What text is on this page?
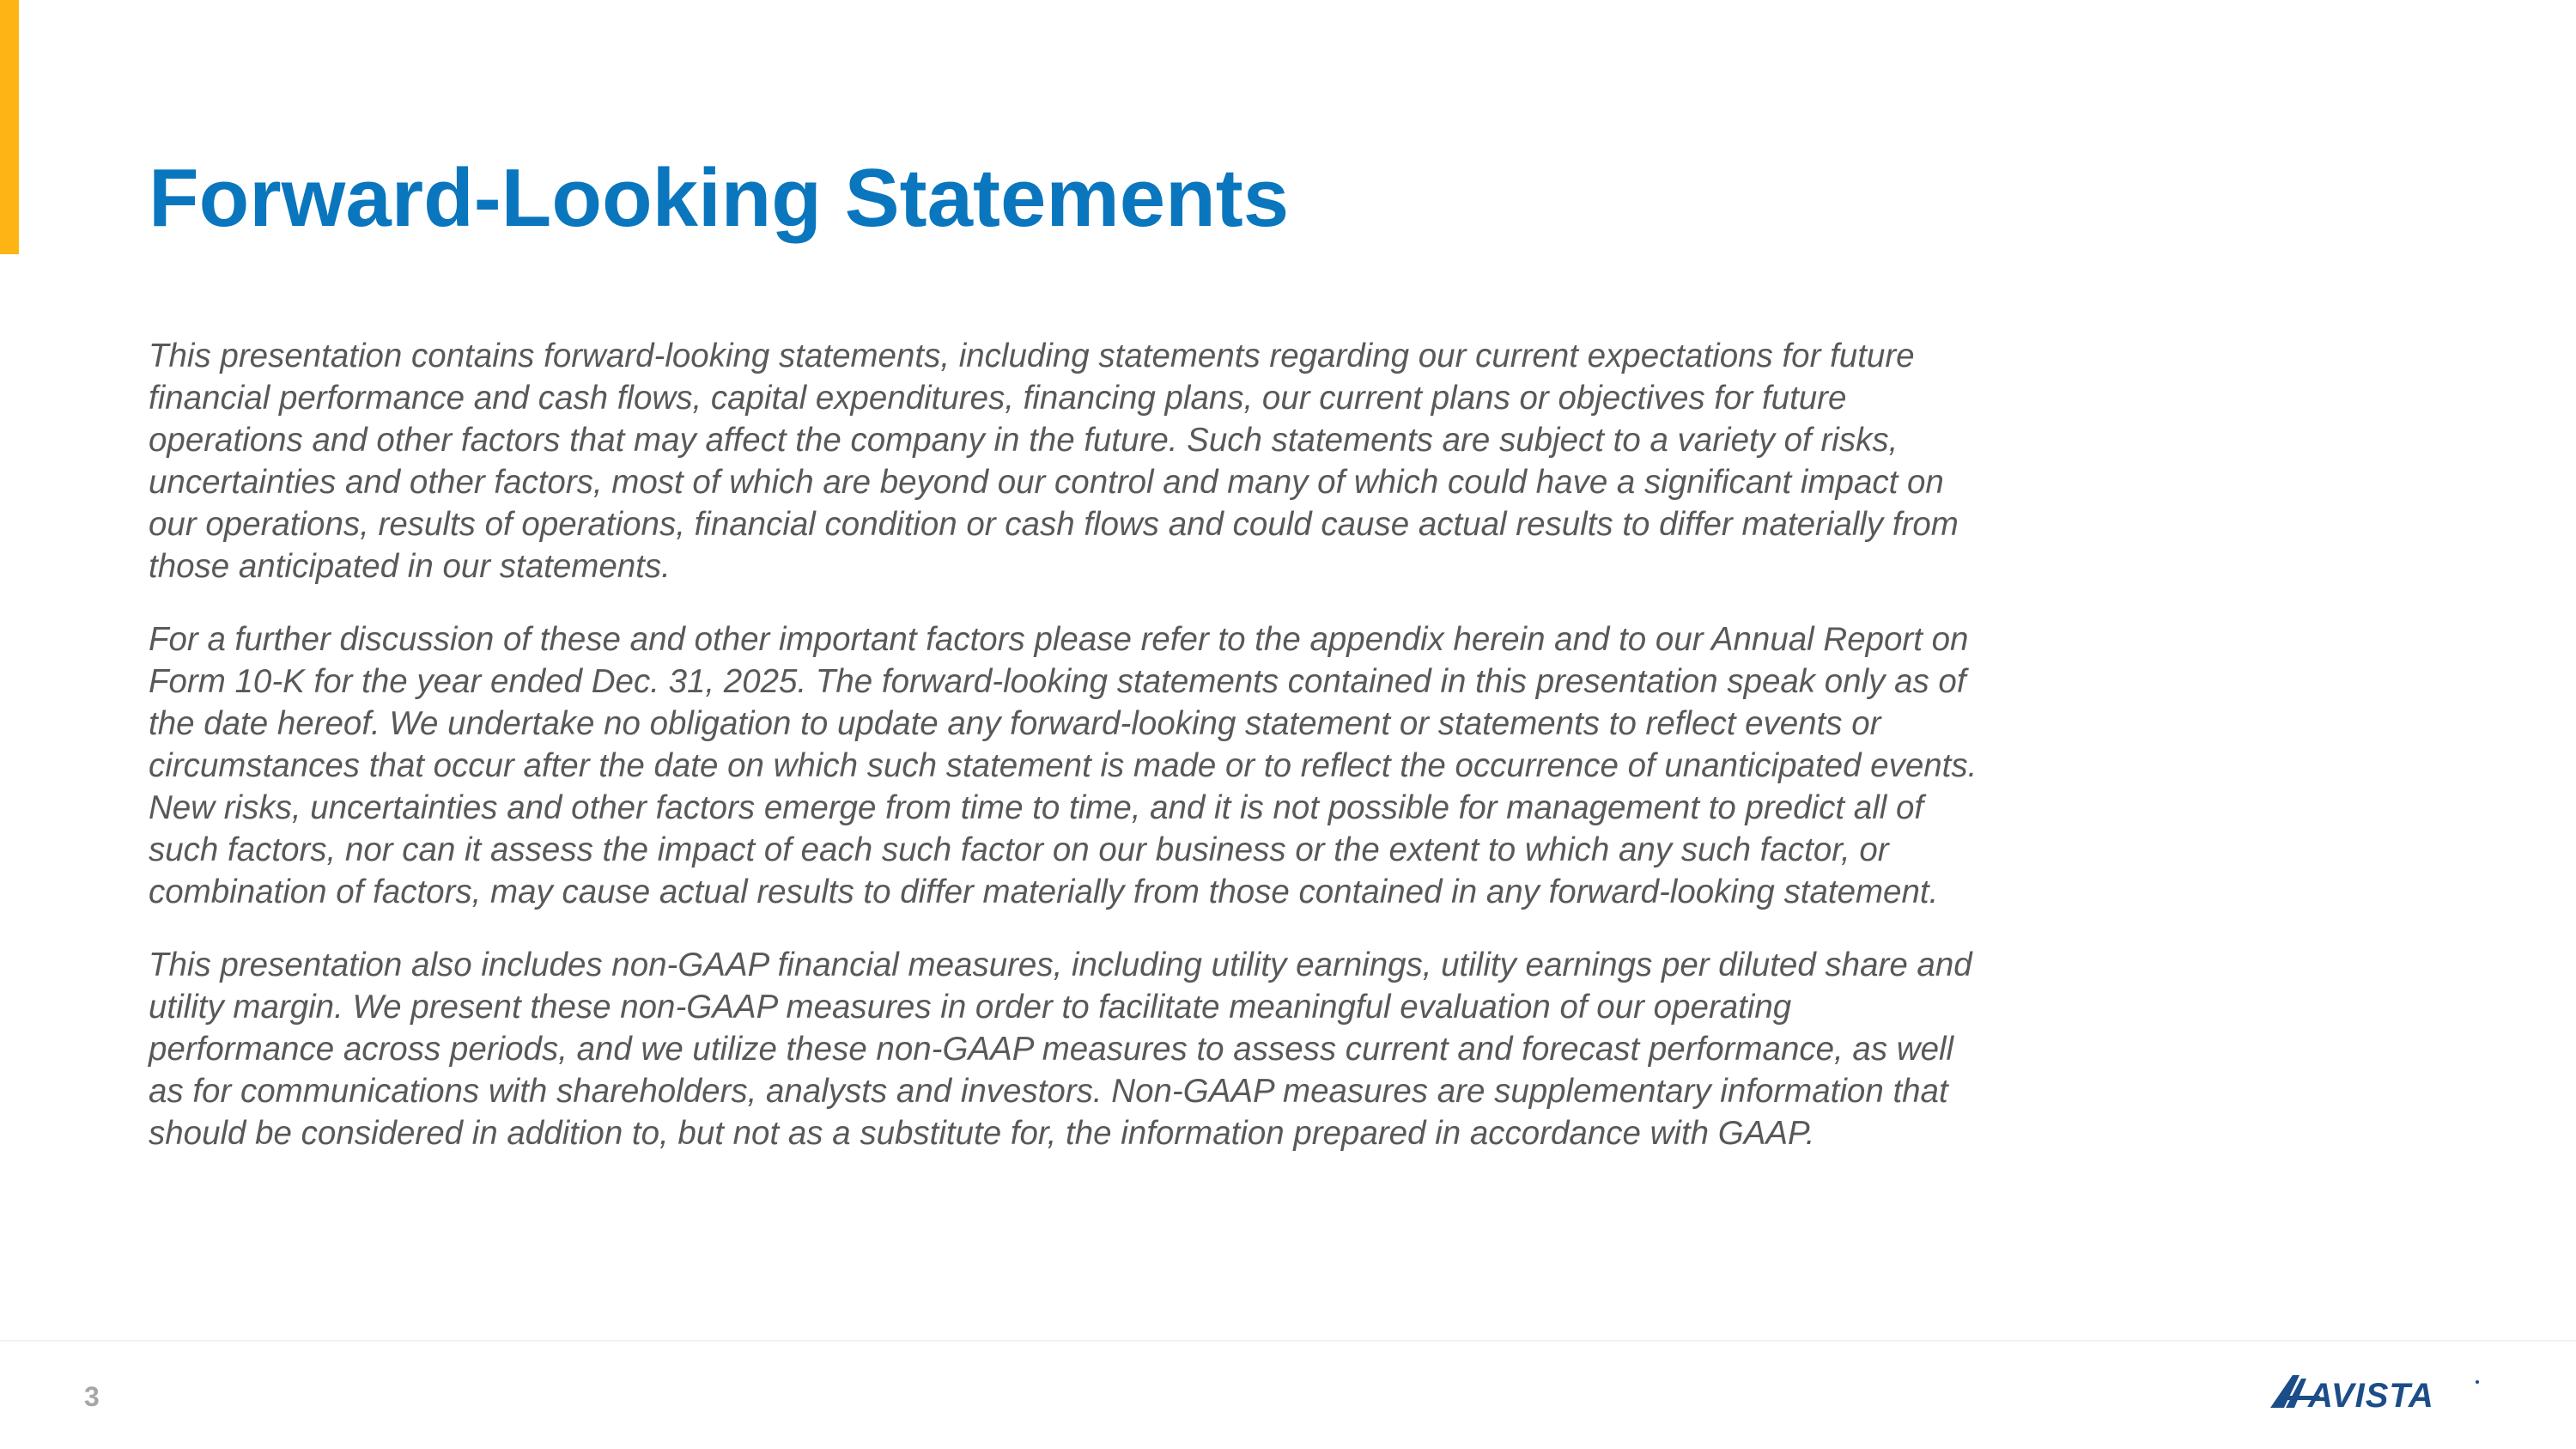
Forward-Looking Statements

This presentation contains forward-looking statements, including statements regarding our current expectations for future financial performance and cash flows, capital expenditures, financing plans, our current plans or objectives for future operations and other factors that may affect the company in the future. Such statements are subject to a variety of risks, uncertainties and other factors, most of which are beyond our control and many of which could have a significant impact on our operations, results of operations, financial condition or cash flows and could cause actual results to differ materially from those anticipated in our statements.

For a further discussion of these and other important factors please refer to the appendix herein and to our Annual Report on Form 10-K for the year ended Dec. 31, 2025. The forward-looking statements contained in this presentation speak only as of the date hereof. We undertake no obligation to update any forward-looking statement or statements to reflect events or circumstances that occur after the date on which such statement is made or to reflect the occurrence of unanticipated events. New risks, uncertainties and other factors emerge from time to time, and it is not possible for management to predict all of such factors, nor can it assess the impact of each such factor on our business or the extent to which any such factor, or combination of factors, may cause actual results to differ materially from those contained in any forward-looking statement.

This presentation also includes non-GAAP financial measures, including utility earnings, utility earnings per diluted share and utility margin. We present these non-GAAP measures in order to facilitate meaningful evaluation of our operating performance across periods, and we utilize these non-GAAP measures to assess current and forecast performance, as well as for communications with shareholders, analysts and investors. Non-GAAP measures are supplementary information that should be considered in addition to, but not as a substitute for, the information prepared in accordance with GAAP.

3	AVISTA
